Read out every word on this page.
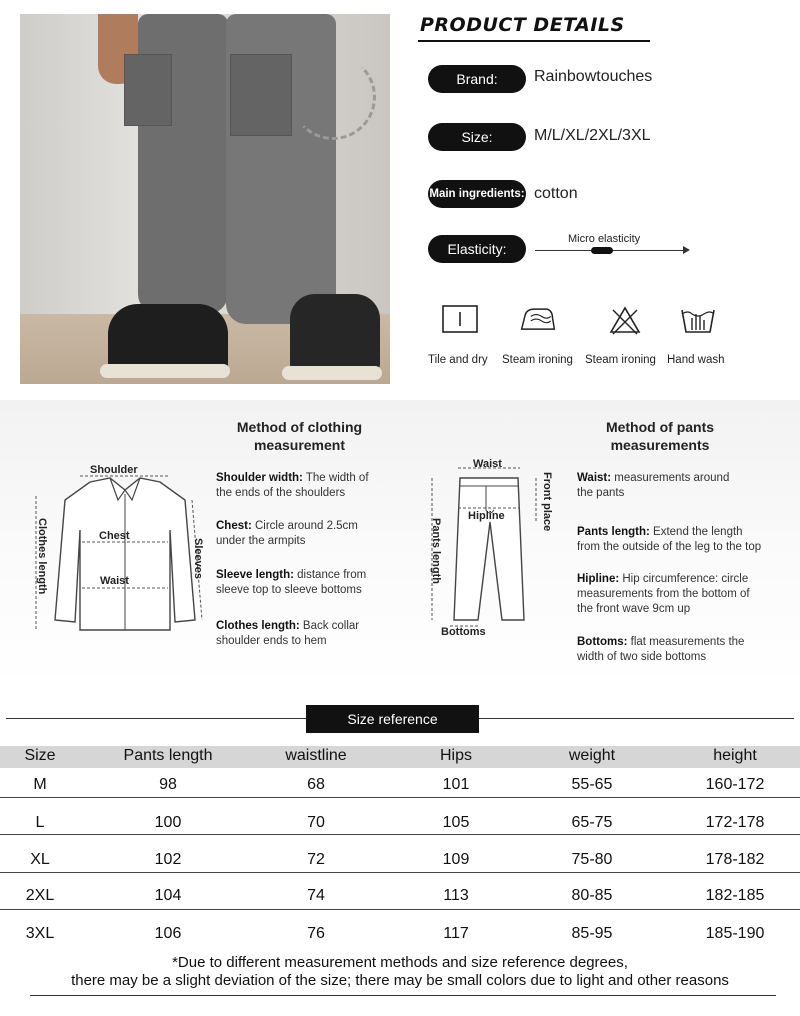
PRODUCT DETAILS
Brand:	Rainbowtouches
Size:	M/L/XL/2XL/3XL
Main ingredients: cotton
Elasticity:
Micro elasticity
Tile and dry Steam ironing Steam ironing Hand wash
Shoulder
Chest
Waist
Clothes length	Sleeves
Method of clothing
measurement
Shoulder width: The width of
the ends of the shoulders
Chest: Circle around 2.5cm
under the armpits
Sleeve length: distance from
sleeve top to sleeve bottoms
Clothes length: Back collar
shoulder ends to hem
Waist
Hipline
Pants length
Front place
Bottoms
Method of pants
measurements
Waist: measurements around
the pants
Pants length: Extend the length
from the outside of the leg to the top
Hipline: Hip circumference: circle
measurements from the bottom of
the front wave 9cm up
Bottoms: flat measurements the
width of two side bottoms
Size reference
Size	Pants length	waistline	Hips	weight	height
M	98	68	101	55-65	160-172
L	100	70	105	65-75	172-178
XL	102	72	109	75-80	178-182
2XL	104	74	113	80-85	182-185
3XL	106	76	117	85-95	185-190
*Due to different measurement methods and size reference degrees,
there may be a slight deviation of the size; there may be small colors due to light and other reasons
